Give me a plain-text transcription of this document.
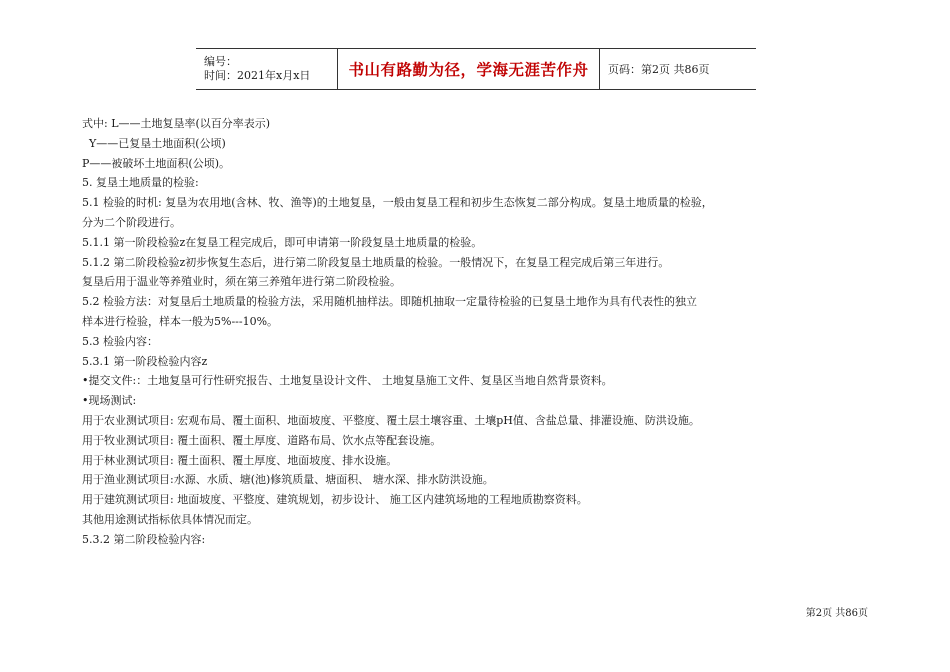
编号：
时间：2021年x月x日	书山有路勤为径，学海无涯苦作舟 页码：第2页 共86页
式中: L——土地复垦率(以百分率表示)
Y——已复垦土地面积(公顷)
P——被破坏土地面积(公顷)。
5. 复垦土地质量的检验:
5.1 检验的时机: 复垦为农用地(含林、牧、渔等)的土地复垦，一般由复垦工程和初步生态恢复二部分构成。复垦土地质量的检验，
分为二个阶段进行。
5.1.1 第一阶段检验z在复垦工程完成后，即可申请第一阶段复垦土地质量的检验。
5.1.2 第二阶段检验z初步恢复生态后，进行第二阶段复垦土地质量的检验。一般情况下，在复垦工程完成后第三年进行。
复垦后用于温业等养殖业时，须在第三养殖年进行第二阶段检验。
5.2 检验方法：对复垦后土地质量的检验方法，采用随机抽样法。即随机抽取一定量待检验的已复垦土地作为具有代表性的独立
样本进行检验，样本一般为5%---10%。
5.3 检验内容：
5.3.1 第一阶段检验内容z
•提交文件:：土地复垦可行性研究报告、土地复垦设计文件、 土地复垦施工文件、复垦区当地自然背景资料。
•现场测试:
用于农业测试项目: 宏观布局、覆土面积、地面坡度、平整度、覆土层土壤容重、土壤pH值、含盐总量、排灌设施、防洪设施。
用于牧业测试项目: 覆土面积、覆土厚度、道路布局、饮水点等配套设施。
用于林业测试项目: 覆土面积、覆土厚度、地面坡度、排水设施。
用于渔业测试项目:水源、水质、塘(池)修筑质量、塘面积、 塘水深、排水防洪设施。
用于建筑测试项目: 地面坡度、平整度、建筑规划，初步设计、 施工区内建筑场地的工程地质勘察资料。
其他用途测试指标依具体情况而定。
5.3.2 第二阶段检验内容:
第2页 共86页
